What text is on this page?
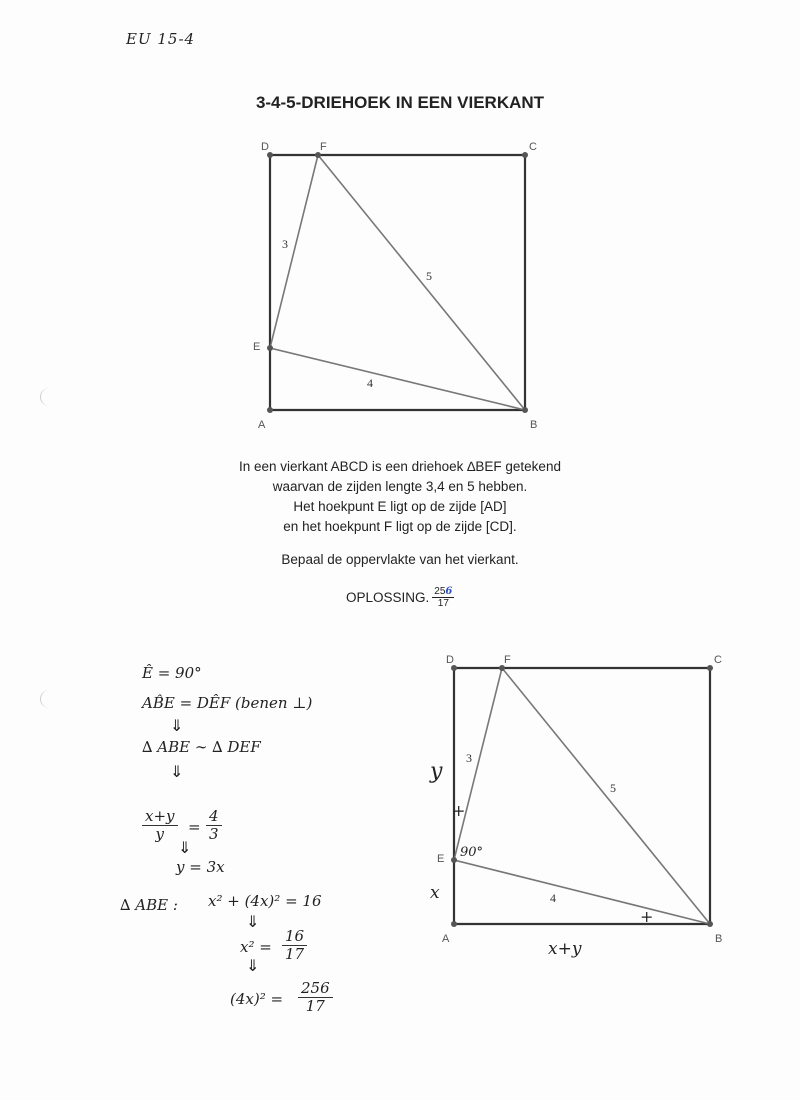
EU 15-4
3-4-5-DRIEHOEK IN EEN VIERKANT
A	B
C
D
E
F
3
5
4
In een vierkant ABCD is een driehoek ∆BEF getekend
waarvan de zijden lengte 3,4 en 5 hebben.
Het hoekpunt E ligt op de zijde [AD]
en het hoekpunt F ligt op de zijde [CD].
Bepaal de oppervlakte van het vierkant.
OPLOSSING. $\frac{256}{17}$
Ê = 90°
AB̂E = DÊF (benen ⊥)
⇓
∆ ABE ∼ ∆ DEF
⇓
x+y
y =
4
3
⇓
y = 3x
∆ ABE : x² + (4x)² = 16
⇓
x² =
16
17
⇓
(4x)² =
256
17
A	B
C
D
E
F
3
5
4
y
+
90°
x
x+y
+
